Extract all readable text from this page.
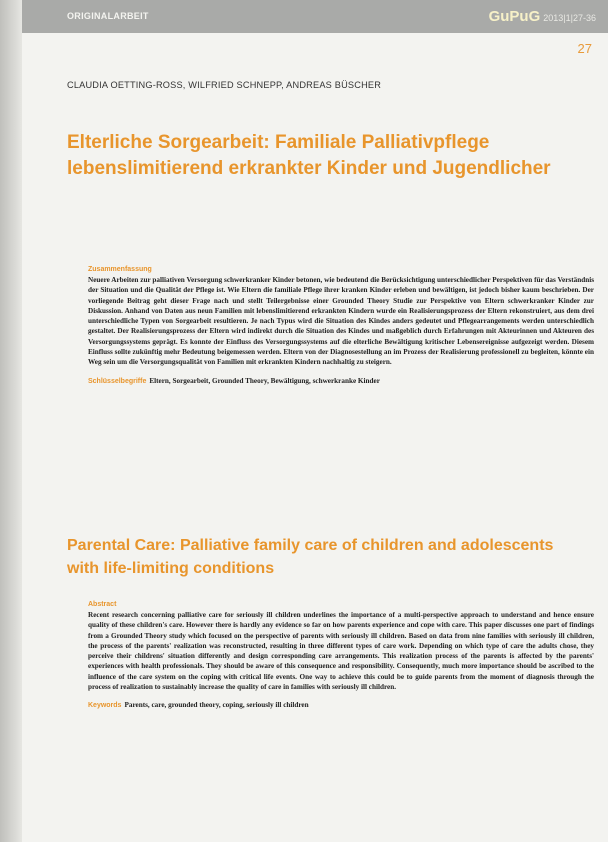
ORIGINALARBEIT	GuPuG 2013|1|27-36
27
CLAUDIA OETTING-ROSS, WILFRIED SCHNEPP, ANDREAS BÜSCHER
Elterliche Sorgearbeit: Familiale Palliativpflege lebenslimitierend erkrankter Kinder und Jugendlicher
Zusammenfassung

Neuere Arbeiten zur palliativen Versorgung schwerkranker Kinder betonen, wie bedeutend die Berücksichtigung unterschiedlicher Perspektiven für das Verständnis der Situation und die Qualität der Pflege ist. Wie Eltern die familiale Pflege ihrer kranken Kinder erleben und bewältigen, ist jedoch bisher kaum beschrieben. Der vorliegende Beitrag geht dieser Frage nach und stellt Teilergebnisse einer Grounded Theory Studie zur Perspektive von Eltern schwerkranker Kinder zur Diskussion. Anhand von Daten aus neun Familien mit lebenslimitierend erkrankten Kindern wurde ein Realisierungsprozess der Eltern rekonstruiert, aus dem drei unterschiedliche Typen von Sorgearbeit resultieren. Je nach Typus wird die Situation des Kindes anders gedeutet und Pflegearrangements werden unterschiedlich gestaltet. Der Realisierungsprozess der Eltern wird indirekt durch die Situation des Kindes und maßgeblich durch Erfahrungen mit Akteurinnen und Akteuren des Versorgungssystems geprägt. Es konnte der Einfluss des Versorgungssystems auf die elterliche Bewältigung kritischer Lebensereignisse aufgezeigt werden. Diesem Einfluss sollte zukünftig mehr Bedeutung beigemessen werden. Eltern von der Diagnosestellung an im Prozess der Realisierung professionell zu begleiten, könnte ein Weg sein um die Versorgungsqualität von Familien mit erkrankten Kindern nachhaltig zu steigern.

Schlüsselbegriffe Eltern, Sorgearbeit, Grounded Theory, Bewältigung, schwerkranke Kinder
Parental Care: Palliative family care of children and adolescents with life-limiting conditions
Abstract

Recent research concerning palliative care for seriously ill children underlines the importance of a multi-perspective approach to understand and hence ensure quality of these children's care. However there is hardly any evidence so far on how parents experience and cope with care. This paper discusses one part of findings from a Grounded Theory study which focused on the perspective of parents with seriously ill children. Based on data from nine families with seriously ill children, the process of the parents' realization was reconstructed, resulting in three different types of care work. Depending on which type of care the adults chose, they perceive their childrens' situation differently and design corresponding care arrangements. This realization process of the parents is affected by the parents' experiences with health professionals. They should be aware of this consequence and responsibility. Consequently, much more importance should be ascribed to the influence of the care system on the coping with critical life events. One way to achieve this could be to guide parents from the moment of diagnosis through the process of realization to sustainably increase the quality of care in families with seriously ill children.

Keywords Parents, care, grounded theory, coping, seriously ill children
